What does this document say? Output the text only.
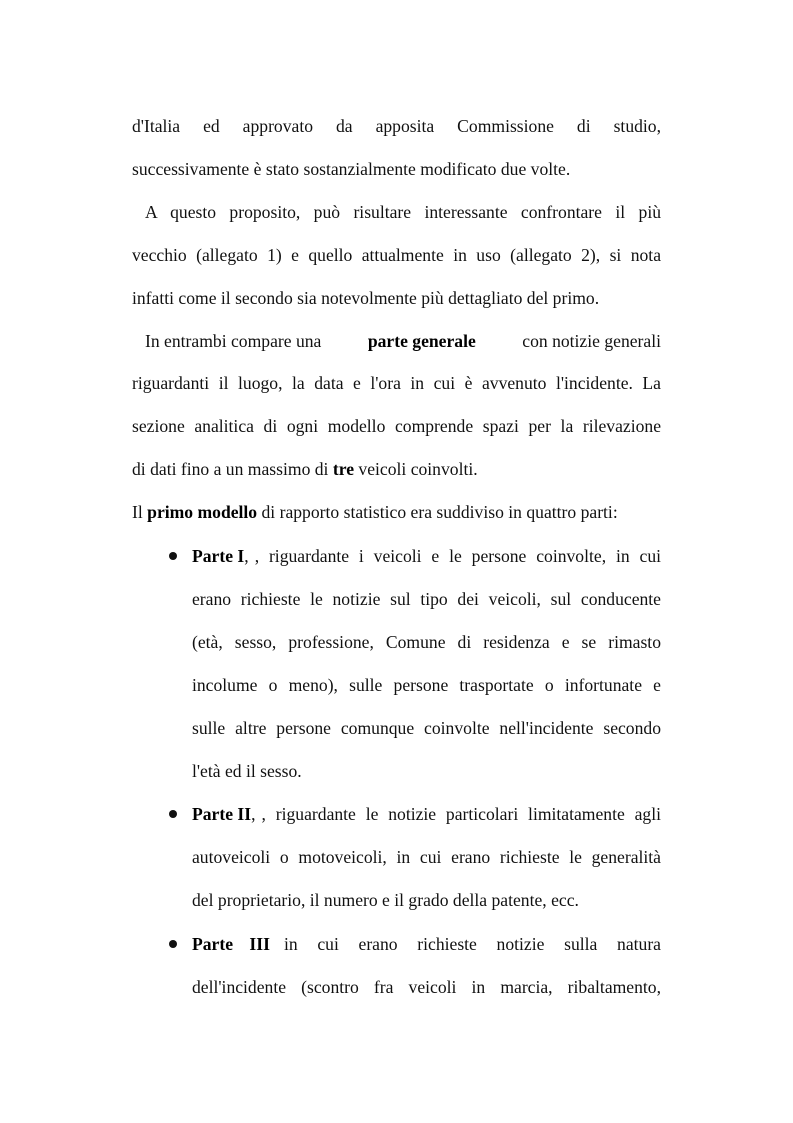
d'Italia ed approvato da apposita Commissione di studio,
successivamente è stato sostanzialmente modificato due volte.
A questo proposito, può risultare interessante confrontare il più
vecchio (allegato 1) e quello attualmente in uso (allegato 2), si nota
infatti come il secondo sia notevolmente più dettagliato del primo.
In entrambi compare una	parte generale	con notizie generali
riguardanti il luogo, la data e l'ora in cui è avvenuto l'incidente. La
sezione analitica di ogni modello comprende spazi per la rilevazione
di dati fino a un massimo di tre veicoli coinvolti.
Il primo modello di rapporto statistico era suddiviso in quattro parti:
Parte I, , riguardante i veicoli e le persone coinvolte, in cui
erano richieste le notizie sul tipo dei veicoli, sul conducente
(età, sesso, professione, Comune di residenza e se rimasto
incolume o meno), sulle persone trasportate o infortunate e
sulle altre persone comunque coinvolte nell'incidente secondo
l'età ed il sesso.
Parte II, , riguardante le notizie particolari limitatamente agli
autoveicoli o motoveicoli, in cui erano richieste le generalità
del proprietario, il numero e il grado della patente, ecc.
Parte III in cui erano richieste notizie sulla natura
dell'incidente (scontro fra veicoli in marcia, ribaltamento,
